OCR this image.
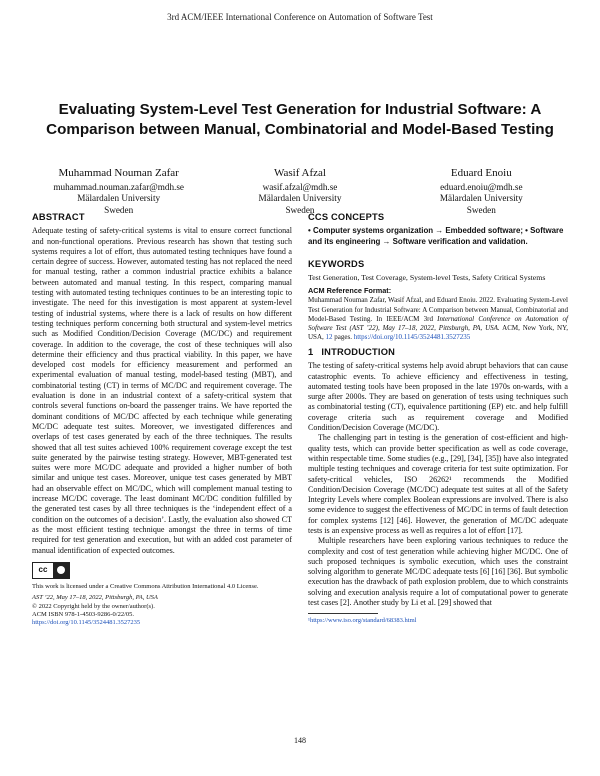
3rd ACM/IEEE International Conference on Automation of Software Test
Evaluating System-Level Test Generation for Industrial Software: A Comparison between Manual, Combinatorial and Model-Based Testing
Muhammad Nouman Zafar
muhammad.nouman.zafar@mdh.se
Mälardalen University
Sweden
Wasif Afzal
wasif.afzal@mdh.se
Mälardalen University
Sweden
Eduard Enoiu
eduard.enoiu@mdh.se
Mälardalen University
Sweden
ABSTRACT

Adequate testing of safety-critical systems is vital to ensure correct functional and non-functional operations. Previous research has shown that testing such systems requires a lot of effort, thus automated testing techniques have found a certain degree of success. However, automated testing has not replaced the need for manual testing, rather a common industrial practice exhibits a balance between automated and manual testing. In this respect, comparing manual testing with automated testing techniques continues to be an interesting topic to investigate. The need for this investigation is most apparent at system-level testing of industrial systems, where there is a lack of results on how different testing techniques perform concerning both structural and system-level metrics such as Modified Condition/Decision Coverage (MC/DC) and requirement coverage. In addition to the coverage, the cost of these techniques will also determine their efficiency and thus practical viability. In this paper, we have developed cost models for efficiency measurement and performed an experimental evaluation of manual testing, model-based testing (MBT), and combinatorial testing (CT) in terms of MC/DC and requirement coverage. The evaluation is done in an industrial context of a safety-critical system that controls several functions on-board the passenger trains. We have reported the dominant conditions of MC/DC affected by each technique while generating MC/DC adequate test suites. Moreover, we investigated differences and overlaps of test cases generated by each of the three techniques. The results showed that all test suites achieved 100% requirement coverage except the test suite generated by the pairwise testing strategy. However, MBT-generated test suites were more MC/DC adequate and provided a higher number of both similar and unique test cases. Moreover, unique test cases generated by MBT had an observable effect on MC/DC, which will complement manual testing to increase MC/DC coverage. The least dominant MC/DC condition fulfilled by the generated test cases by all three techniques is the ‘independent effect of a condition on the outcomes of a decision’. Lastly, the evaluation also showed CT as the most efficient testing technique amongst the three in terms of time required for test generation and execution, but with an added cost parameter of manual identification of expected outcomes.

cc
This work is licensed under a Creative Commons Attribution International 4.0 License.
AST ’22, May 17–18, 2022, Pittsburgh, PA, USA
© 2022 Copyright held by the owner/author(s).
ACM ISBN 978-1-4503-9286-0/22/05.
https://doi.org/10.1145/3524481.3527235
CCS CONCEPTS
• Computer systems organization → Embedded software; • Software and its engineering → Software verification and validation.
KEYWORDS
Test Generation, Test Coverage, System-level Tests, Safety Critical Systems
ACM Reference Format:
Muhammad Nouman Zafar, Wasif Afzal, and Eduard Enoiu. 2022. Evaluating System-Level Test Generation for Industrial Software: A Comparison between Manual, Combinatorial and Model-Based Testing. In IEEE/ACM 3rd International Conference on Automation of Software Test (AST ’22), May 17–18, 2022, Pittsburgh, PA, USA. ACM, New York, NY, USA, 12 pages. https://doi.org/10.1145/3524481.3527235
1 INTRODUCTION

The testing of safety-critical systems help avoid abrupt behaviors that can cause catastrophic events. To achieve efficiency and effectiveness in testing, automated testing tools have been proposed in the late 1970s on-wards, with a surge after 2000s. They are based on generation of tests using techniques such as combinatorial testing (CT), equivalence partitioning (EP) etc. and help fulfill coverage criteria such as requirement coverage and Modified Condition/Decision Coverage (MC/DC).

The challenging part in testing is the generation of cost-efficient and high-quality tests, which can provide better specification as well as code coverage, within respectable time. Some studies (e.g., [29], [34], [35]) have also integrated multiple testing techniques and coverage criteria for test suite optimization. For safety-critical vehicles, ISO 26262¹ recommends the Modified Condition/Decision Coverage (MC/DC) adequate test suites at all of the Safety Integrity Levels where complex Boolean expressions are involved. There is also some evidence to suggest the effectiveness of MC/DC in terms of fault detection for complex systems [12] [46]. However, the generation of MC/DC adequate tests is an expensive process as well as requires a lot of effort [17].

Multiple researchers have been exploring various techniques to reduce the complexity and cost of test generation while achieving higher MC/DC. One of such proposed techniques is symbolic execution, which uses the constraint solving algorithm to generate MC/DC adequate tests [6] [16] [36]. But symbolic execution has the drawback of path explosion problem, due to which constraints solving and execution analysis require a lot of computational power to generate test cases [2]. Another study by Li et al. [29] showed that

¹https://www.iso.org/standard/68383.html
148
